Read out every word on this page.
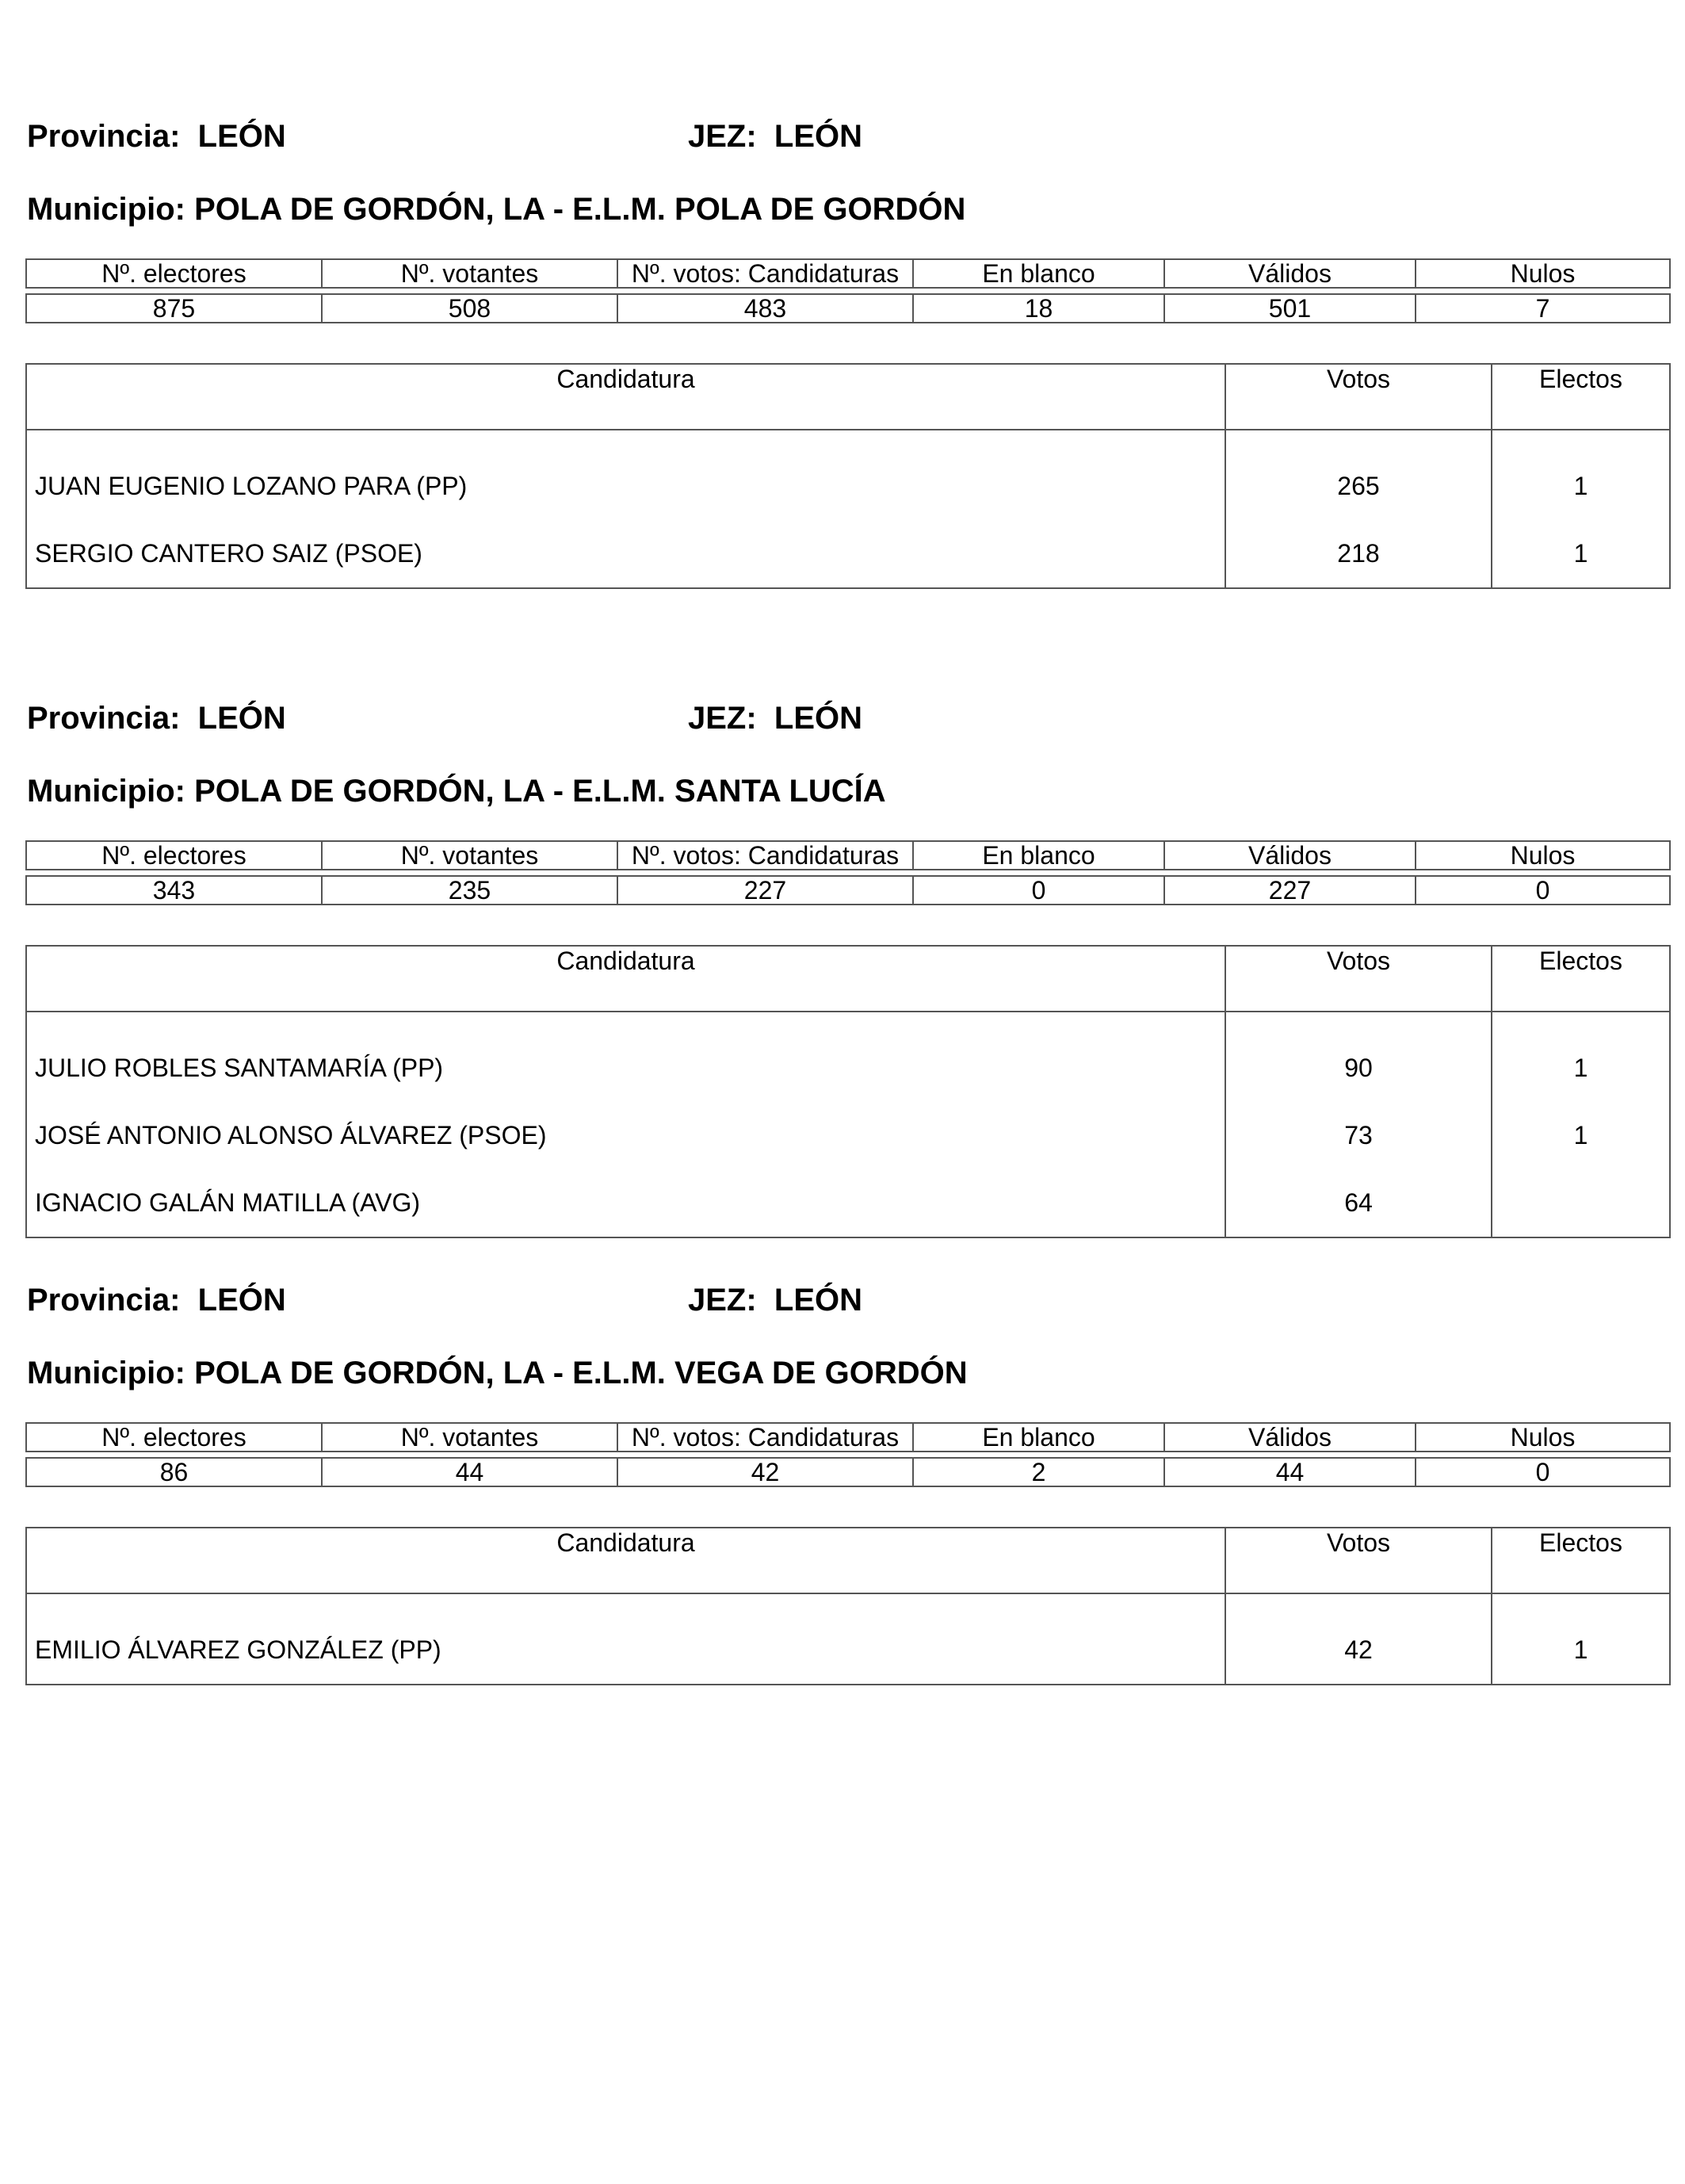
Provincia: LEÓN	JEZ: LEÓN
Municipio: POLA DE GORDÓN, LA - E.L.M. POLA DE GORDÓN
Nº. electores	Nº. votantes	Nº. votos: Candidaturas	En blanco	Válidos	Nulos

875	508	483	18	501	7
Candidatura	Votos	Electos
JUAN EUGENIO LOZANO PARA (PP)	265	1
SERGIO CANTERO SAIZ (PSOE)	218	1
Provincia: LEÓN	JEZ: LEÓN
Municipio: POLA DE GORDÓN, LA - E.L.M. SANTA LUCÍA
Nº. electores	Nº. votantes	Nº. votos: Candidaturas	En blanco	Válidos	Nulos

343	235	227	0	227	0
Candidatura	Votos	Electos
JULIO ROBLES SANTAMARÍA (PP)	90	1
JOSÉ ANTONIO ALONSO ÁLVAREZ (PSOE)	73	1
IGNACIO GALÁN MATILLA (AVG)	64	
Provincia: LEÓN	JEZ: LEÓN
Municipio: POLA DE GORDÓN, LA - E.L.M. VEGA DE GORDÓN
Nº. electores	Nº. votantes	Nº. votos: Candidaturas	En blanco	Válidos	Nulos

86	44	42	2	44	0
Candidatura	Votos	Electos
EMILIO ÁLVAREZ GONZÁLEZ (PP)	42	1
